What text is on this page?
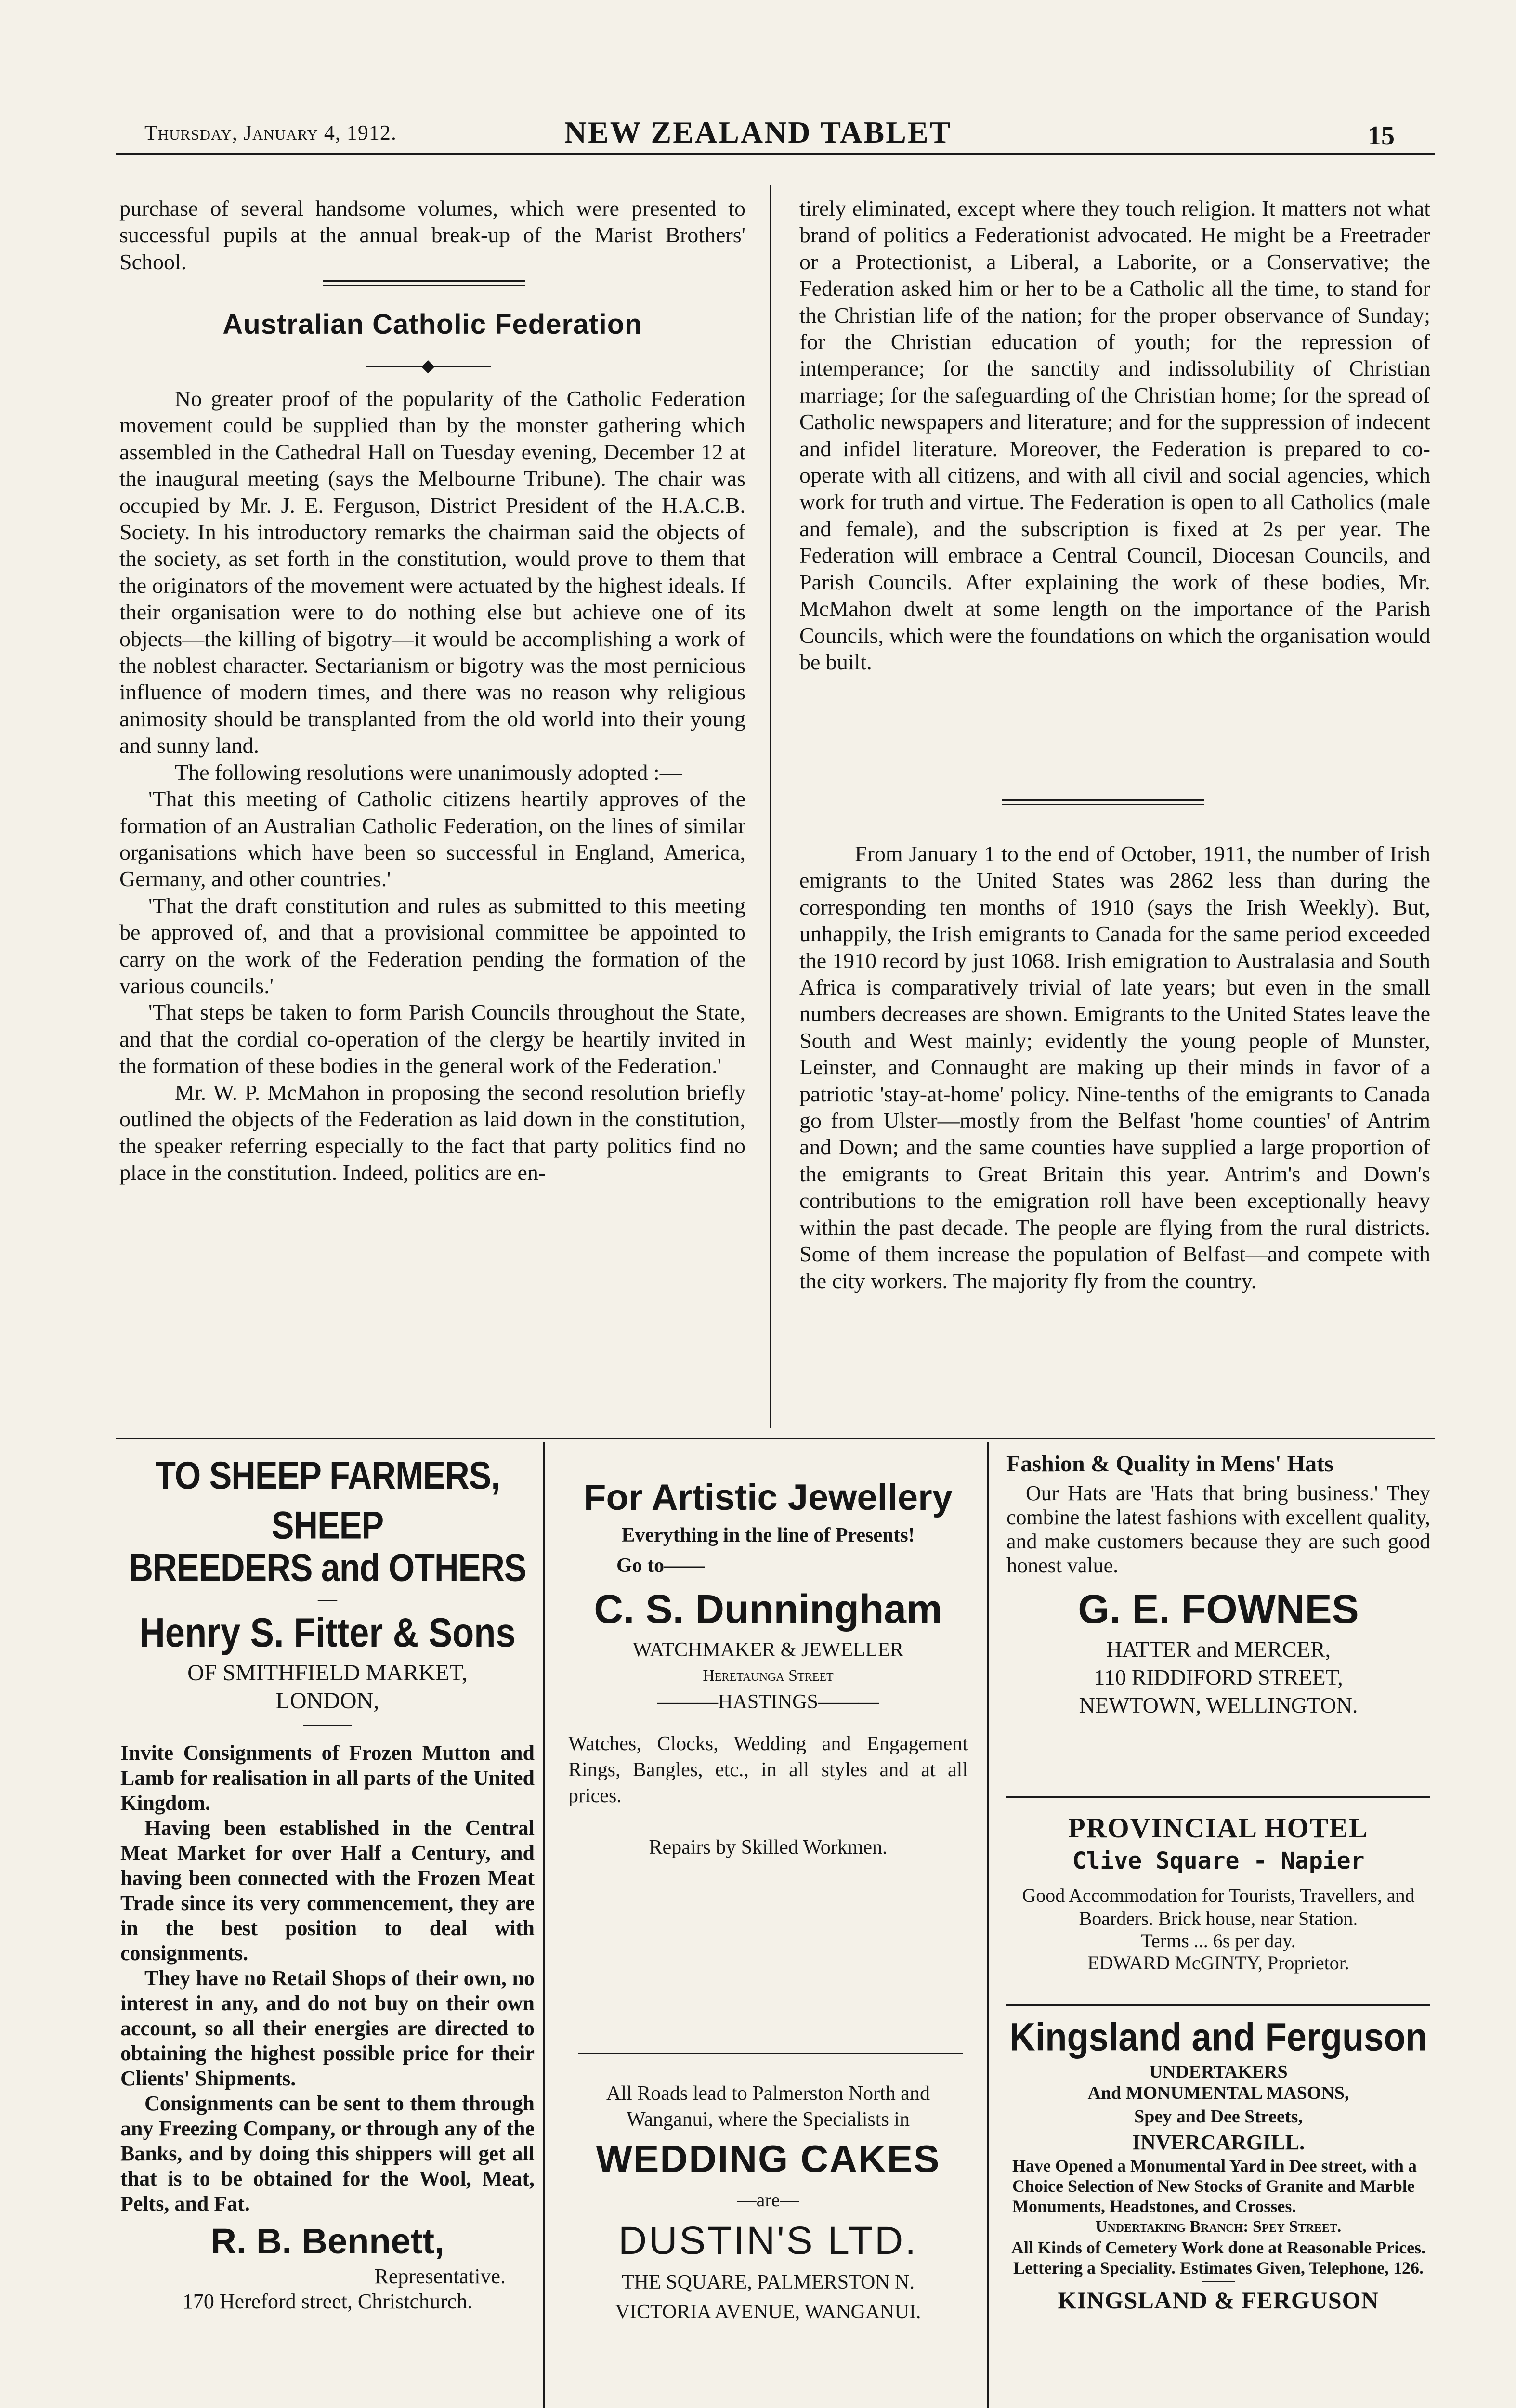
Thursday, January 4, 1912.	NEW ZEALAND TABLET	15

purchase of several handsome volumes, which were presented to successful pupils at the annual break-up of the Marist Brothers' School.

Australian Catholic Federation
◆

No greater proof of the popularity of the Catholic Federation movement could be supplied than by the monster gathering which assembled in the Cathedral Hall on Tuesday evening, December 12 at the inaugural meeting (says the Melbourne Tribune). The chair was occupied by Mr. J. E. Ferguson, District President of the H.A.C.B. Society. In his introductory remarks the chairman said the objects of the society, as set forth in the constitution, would prove to them that the originators of the movement were actuated by the highest ideals. If their organisation were to do nothing else but achieve one of its objects—the killing of bigotry—it would be accomplishing a work of the noblest character. Sectarianism or bigotry was the most pernicious influence of modern times, and there was no reason why religious animosity should be transplanted from the old world into their young and sunny land.

The following resolutions were unanimously adopted :—

'That this meeting of Catholic citizens heartily approves of the formation of an Australian Catholic Federation, on the lines of similar organisations which have been so successful in England, America, Germany, and other countries.'

'That the draft constitution and rules as submitted to this meeting be approved of, and that a provisional committee be appointed to carry on the work of the Federation pending the formation of the various councils.'

'That steps be taken to form Parish Councils throughout the State, and that the cordial co-operation of the clergy be heartily invited in the formation of these bodies in the general work of the Federation.'

Mr. W. P. McMahon in proposing the second resolution briefly outlined the objects of the Federation as laid down in the constitution, the speaker referring especially to the fact that party politics find no place in the constitution. Indeed, politics are en-

tirely eliminated, except where they touch religion. It matters not what brand of politics a Federationist advocated. He might be a Freetrader or a Protectionist, a Liberal, a Laborite, or a Conservative; the Federation asked him or her to be a Catholic all the time, to stand for the Christian life of the nation; for the proper observance of Sunday; for the Christian education of youth; for the repression of intemperance; for the sanctity and indissolubility of Christian marriage; for the safeguarding of the Christian home; for the spread of Catholic newspapers and literature; and for the suppression of indecent and infidel literature. Moreover, the Federation is prepared to co-operate with all citizens, and with all civil and social agencies, which work for truth and virtue. The Federation is open to all Catholics (male and female), and the subscription is fixed at 2s per year. The Federation will embrace a Central Council, Diocesan Councils, and Parish Councils. After explaining the work of these bodies, Mr. McMahon dwelt at some length on the importance of the Parish Councils, which were the foundations on which the organisation would be built.

From January 1 to the end of October, 1911, the number of Irish emigrants to the United States was 2862 less than during the corresponding ten months of 1910 (says the Irish Weekly). But, unhappily, the Irish emigrants to Canada for the same period exceeded the 1910 record by just 1068. Irish emigration to Australasia and South Africa is comparatively trivial of late years; but even in the small numbers decreases are shown. Emigrants to the United States leave the South and West mainly; evidently the young people of Munster, Leinster, and Connaught are making up their minds in favor of a patriotic 'stay-at-home' policy. Nine-tenths of the emigrants to Canada go from Ulster—mostly from the Belfast 'home counties' of Antrim and Down; and the same counties have supplied a large proportion of the emigrants to Great Britain this year. Antrim's and Down's contributions to the emigration roll have been exceptionally heavy within the past decade. The people are flying from the rural districts. Some of them increase the population of Belfast—and compete with the city workers. The majority fly from the country.

TO SHEEP FARMERS, SHEEP
BREEDERS and OTHERS
—
Henry S. Fitter & Sons
OF SMITHFIELD MARKET,
LONDON,

Invite Consignments of Frozen Mutton and Lamb for realisation in all parts of the United Kingdom.

Having been established in the Central Meat Market for over Half a Century, and having been connected with the Frozen Meat Trade since its very commencement, they are in the best position to deal with consignments.

They have no Retail Shops of their own, no interest in any, and do not buy on their own account, so all their energies are directed to obtaining the highest possible price for their Clients' Shipments.

Consignments can be sent to them through any Freezing Company, or through any of the Banks, and by doing this shippers will get all that is to be obtained for the Wool, Meat, Pelts, and Fat.

R. B. Bennett,
Representative.
170 Hereford street, Christchurch.
For Artistic Jewellery
Everything in the line of Presents!
Go to——
C. S. Dunningham
WATCHMAKER & JEWELLER
Heretaunga Street
———HASTINGS———

Watches, Clocks, Wedding and Engagement Rings, Bangles, etc., in all styles and at all prices.

Repairs by Skilled Workmen.

All Roads lead to Palmerston North and Wanganui, where the Specialists in

WEDDING CAKES
—are—
DUSTIN'S LTD.
THE SQUARE, PALMERSTON N.
VICTORIA AVENUE, WANGANUI.
Fashion & Quality in Mens' Hats

Our Hats are 'Hats that bring business.' They combine the latest fashions with excellent quality, and make customers because they are such good honest value.

G. E. FOWNES
HATTER and MERCER,
110 RIDDIFORD STREET,
NEWTOWN, WELLINGTON.
PROVINCIAL HOTEL
Clive Square - Napier

Good Accommodation for Tourists, Travellers, and Boarders. Brick house, near Station.

Terms ... 6s per day.
EDWARD McGINTY, Proprietor.
Kingsland and Ferguson
UNDERTAKERS
And MONUMENTAL MASONS,
Spey and Dee Streets,
INVERCARGILL.

Have Opened a Monumental Yard in Dee street, with a Choice Selection of New Stocks of Granite and Marble Monuments, Headstones, and Crosses.

Undertaking Branch: Spey Street.

All Kinds of Cemetery Work done at Reasonable Prices.

Lettering a Speciality. Estimates Given, Telephone, 126.

KINGSLAND & FERGUSON
